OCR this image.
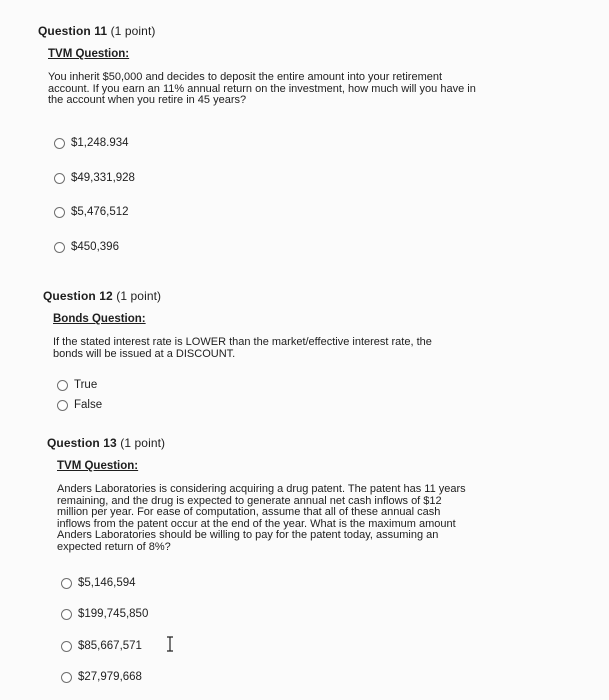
Question 11 (1 point)
TVM Question:
You inherit $50,000 and decides to deposit the entire amount into your retirement account. If you earn an 11% annual return on the investment, how much will you have in the account when you retire in 45 years?
$1,248.934
$49,331,928
$5,476,512
$450,396
Question 12 (1 point)
Bonds Question:
If the stated interest rate is LOWER than the market/effective interest rate, the bonds will be issued at a DISCOUNT.
True
False
Question 13 (1 point)
TVM Question:
Anders Laboratories is considering acquiring a drug patent. The patent has 11 years remaining, and the drug is expected to generate annual net cash inflows of $12 million per year. For ease of computation, assume that all of these annual cash inflows from the patent occur at the end of the year. What is the maximum amount Anders Laboratories should be willing to pay for the patent today, assuming an expected return of 8%?
$5,146,594
$199,745,850
$85,667,571
$27,979,668
